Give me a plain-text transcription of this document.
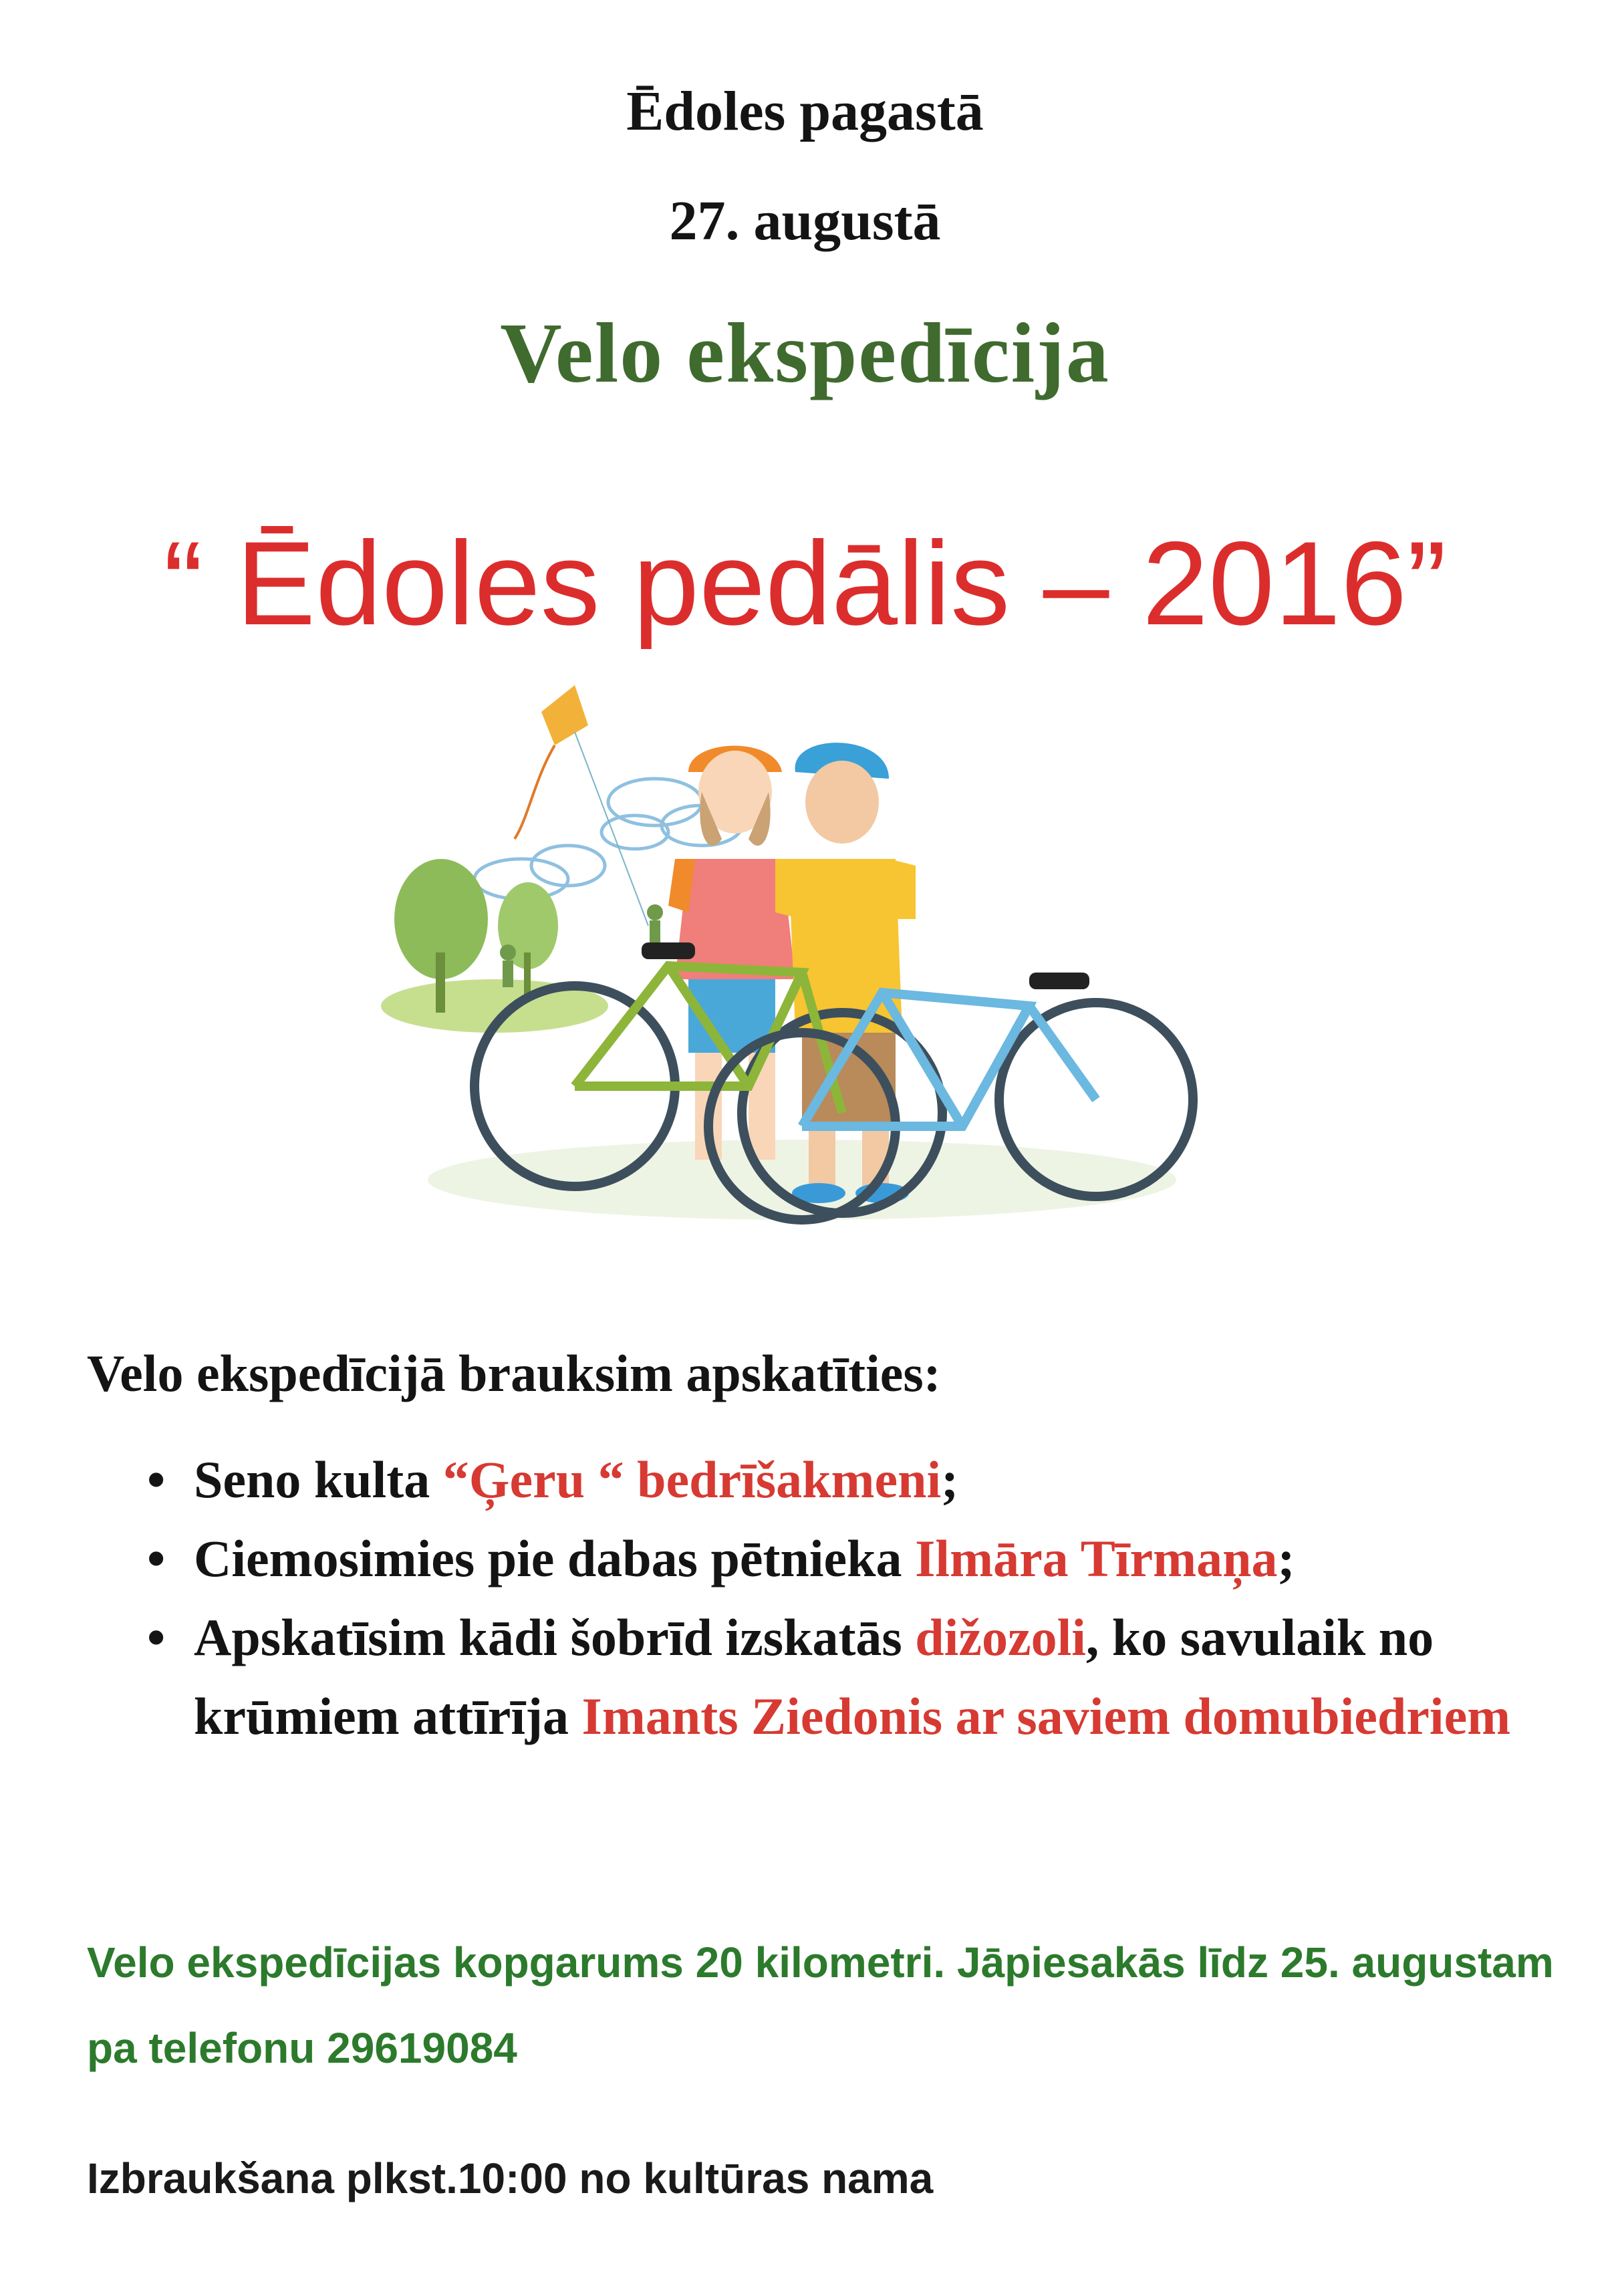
Ēdoles pagastā
27. augustā
Velo ekspedīcija
“ Ēdoles pedālis – 2016”
Velo ekspedīcijā brauksim apskatīties:
• Seno kulta “Ģeru “ bedrīšakmeni;
• Ciemosimies pie dabas pētnieka Ilmāra Tīrmaņa;
• Apskatīsim kādi šobrīd izskatās dižozoli, ko savulaik no krūmiem attīrīja Imants Ziedonis ar saviem domubiedriem
Velo ekspedīcijas kopgarums 20 kilometri. Jāpiesakās līdz 25. augustam pa telefonu 29619084
Izbraukšana plkst.10:00 no kultūras nama
